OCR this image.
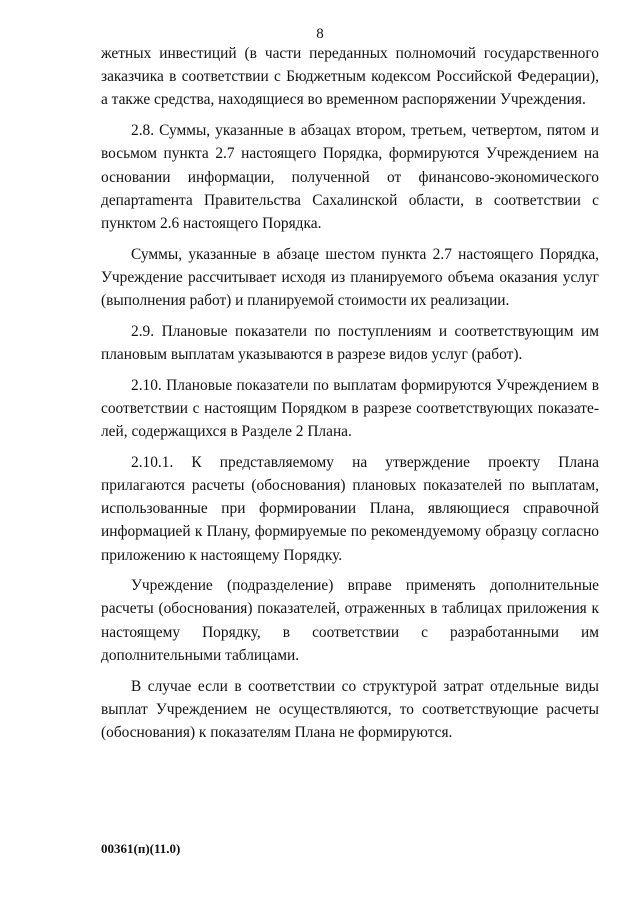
8

жетных инвестиций (в части переданных полномочий государственного заказчика в соответствии с Бюджетным кодексом Российской Федерации), а также средства, находящиеся во временном распоряжении Учреждения.

2.8. Суммы, указанные в абзацах втором, третьем, четвертом, пятом и восьмом пункта 2.7 настоящего Порядка, формируются Учреждением на основании информации, полученной от финансово-экономического департаmента Правительства Сахалинской области, в соответствии с пунктом 2.6 настоящего Порядка.

Суммы, указанные в абзаце шестом пункта 2.7 настоящего Порядка, Учреждение рассчитывает исходя из планируемого объема оказания услуг (выполнения работ) и планируемой стоимости их реализации.

2.9. Плановые показатели по поступлениям и соответствующим им плановым выплатам указываются в разрезе видов услуг (работ).

2.10. Плановые показатели по выплатам формируются Учреждением в соответствии с настоящим Порядком в разрезе соответствующих показателей, содержащихся в Разделе 2 Плана.

2.10.1. К представляемому на утверждение проекту Плана прилагаются расчеты (обоснования) плановых показателей по выплатам, использованные при формировании Плана, являющиеся справочной информацией к Плану, формируемые по рекомендуемому образцу согласно приложению к настоящему Порядку.

Учреждение (подразделение) вправе применять дополнительные расчеты (обоснования) показателей, отраженных в таблицах приложения к настоящему Порядку, в соответствии с разработанными им дополнительными таблицами.

В случае если в соответствии со структурой затрат отдельные виды выплат Учреждением не осуществляются, то соответствующие расчеты (обоснования) к показателям Плана не формируются.

00361(п)(11.0)
